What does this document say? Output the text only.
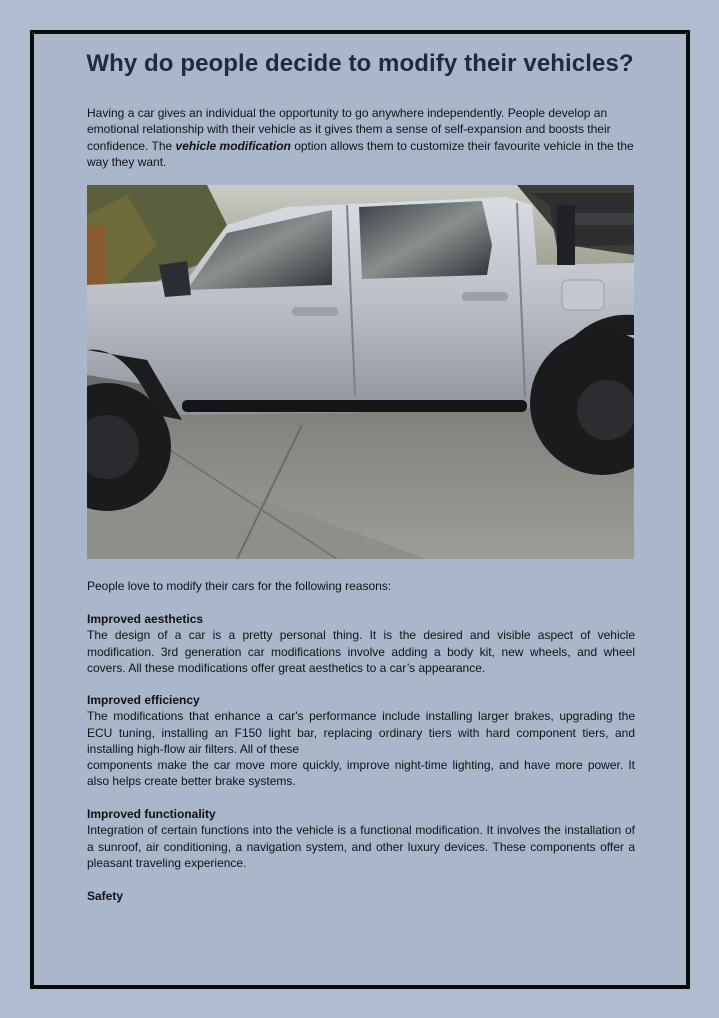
Why do people decide to modify their vehicles?
Having a car gives an individual the opportunity to go anywhere independently. People develop an emotional relationship with their vehicle as it gives them a sense of self-expansion and boosts their confidence. The vehicle modification option allows them to customize their favourite vehicle in the the way they want.
People love to modify their cars for the following reasons:

Improved aesthetics

The design of a car is a pretty personal thing. It is the desired and visible aspect of vehicle modification. 3rd generation car modifications involve adding a body kit, new wheels, and wheel covers. All these modifications offer great aesthetics to a car’s appearance.

Improved efficiency

The modifications that enhance a car's performance include installing larger brakes, upgrading the ECU tuning, installing an F150 light bar, replacing ordinary tiers with hard component tiers, and installing high-flow air filters. All of these

components make the car move more quickly, improve night-time lighting, and have more power. It also helps create better brake systems.

Improved functionality

Integration of certain functions into the vehicle is a functional modification. It involves the installation of a sunroof, air conditioning, a navigation system, and other luxury devices. These components offer a pleasant traveling experience.

Safety
